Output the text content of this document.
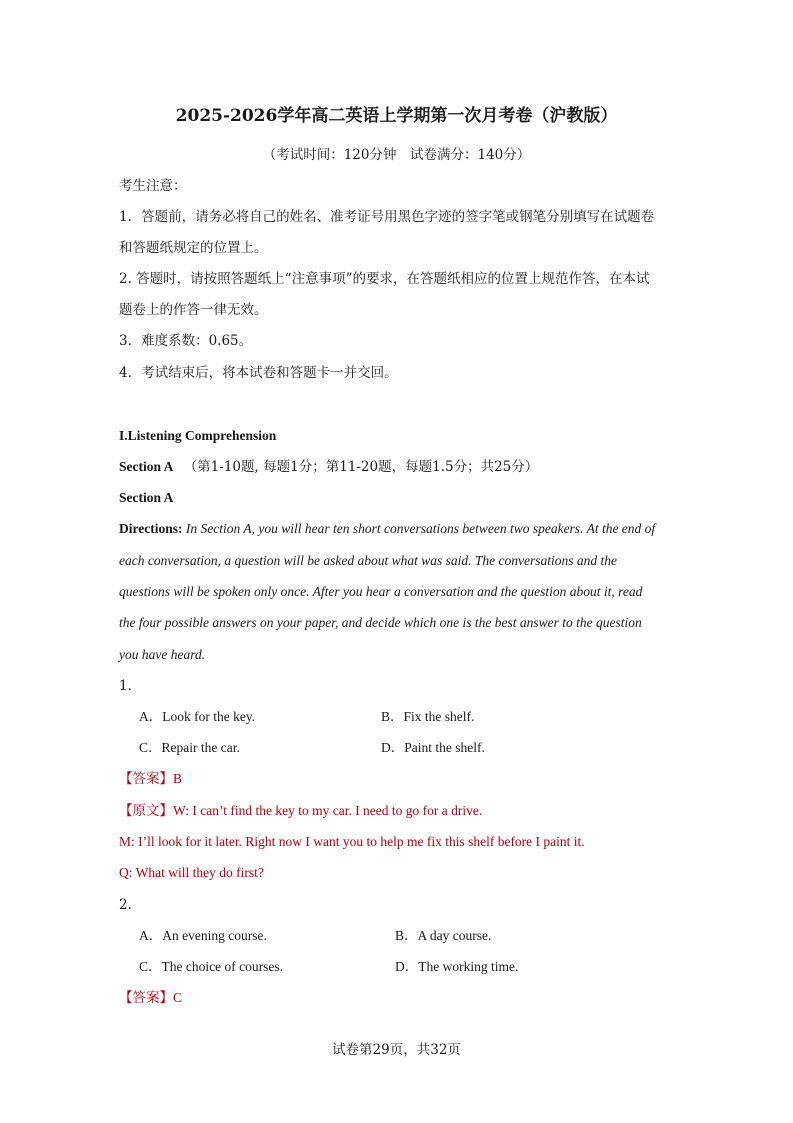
2025-2026学年高二英语上学期第一次月考卷（沪教版）
（考试时间：120分钟　试卷满分：140分）
考生注意：
1．答题前，请务必将自己的姓名、准考证号用黑色字迹的签字笔或钢笔分别填写在试题卷
和答题纸规定的位置上。
2. 答题时，请按照答题纸上“注意事项”的要求，在答题纸相应的位置上规范作答，在本试
题卷上的作答一律无效。
3．难度系数：0.65。
4．考试结束后，将本试卷和答题卡一并交回。
I.Listening Comprehension
Section A （第1-10题, 每题1分；第11-20题，每题1.5分；共25分）
Section A
Directions: In Section A, you will hear ten short conversations between two speakers. At the end of
each conversation, a question will be asked about what was said. The conversations and the
questions will be spoken only once. After you hear a conversation and the question about it, read
the four possible answers on your paper, and decide which one is the best answer to the question
you have heard.
1．
A．Look for the key.	B．Fix the shelf.
C．Repair the car.	D．Paint the shelf.
【答案】B
【原文】W: I can’t find the key to my car. I need to go for a drive.
M: I’ll look for it later. Right now I want you to help me fix this shelf before I paint it.
Q: What will they do first?
2．
A．An evening course.	B．A day course.
C．The choice of courses.	D．The working time.
【答案】C
试卷第29页，共32页
